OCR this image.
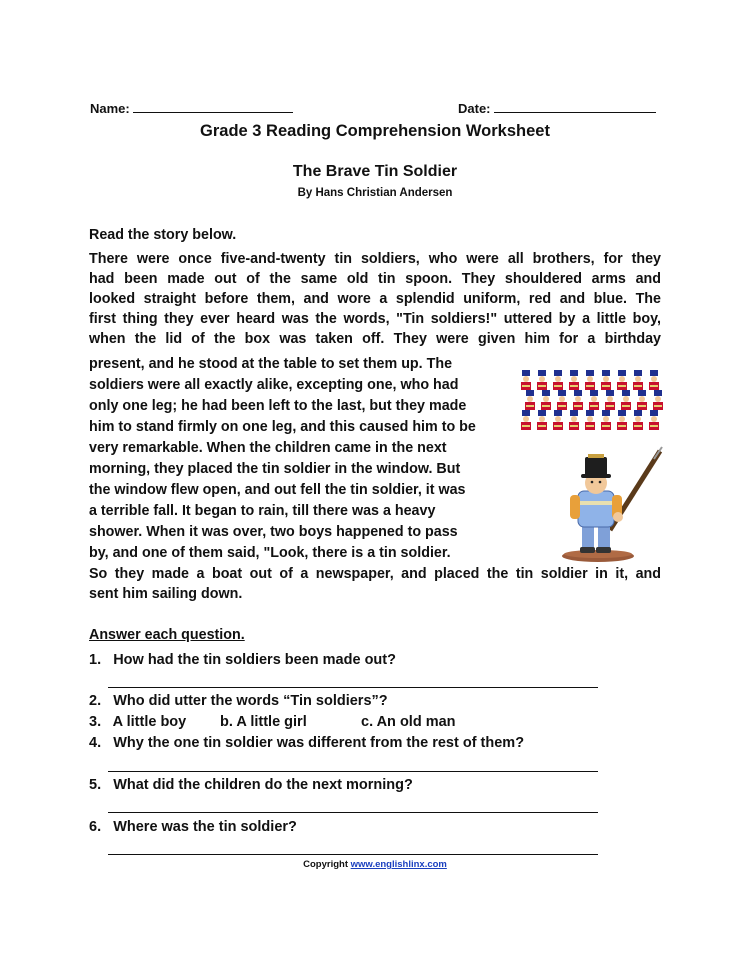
Name:	Date:
Grade 3 Reading Comprehension Worksheet
The Brave Tin Soldier
By Hans Christian Andersen
Read the story below.
There were once five-and-twenty tin soldiers, who were all brothers, for they
had been made out of the same old tin spoon. They shouldered arms and
looked straight before them, and wore a splendid uniform, red and blue. The
first thing they ever heard was the words, "Tin soldiers!" uttered by a little boy,
when the lid of the box was taken off. They were given him for a birthday
present, and he stood at the table to set them up. The
soldiers were all exactly alike, excepting one, who had
only one leg; he had been left to the last, but they made
him to stand firmly on one leg, and this caused him to be
very remarkable. When the children came in the next
morning, they placed the tin soldier in the window. But
the window flew open, and out fell the tin soldier, it was
a terrible fall. It began to rain, till there was a heavy
shower. When it was over, two boys happened to pass
by, and one of them said, "Look, there is a tin soldier.
So they made a boat out of a newspaper, and placed the tin soldier in it, and
sent him sailing down.
Answer each question.
1. How had the tin soldiers been made out?
2. Who did utter the words “Tin soldiers”?
3. A little boy b. A little girl	c. An old man
4. Why the one tin soldier was different from the rest of them?
5. What did the children do the next morning?
6. Where was the tin soldier?
Copyright www.englishlinx.com
